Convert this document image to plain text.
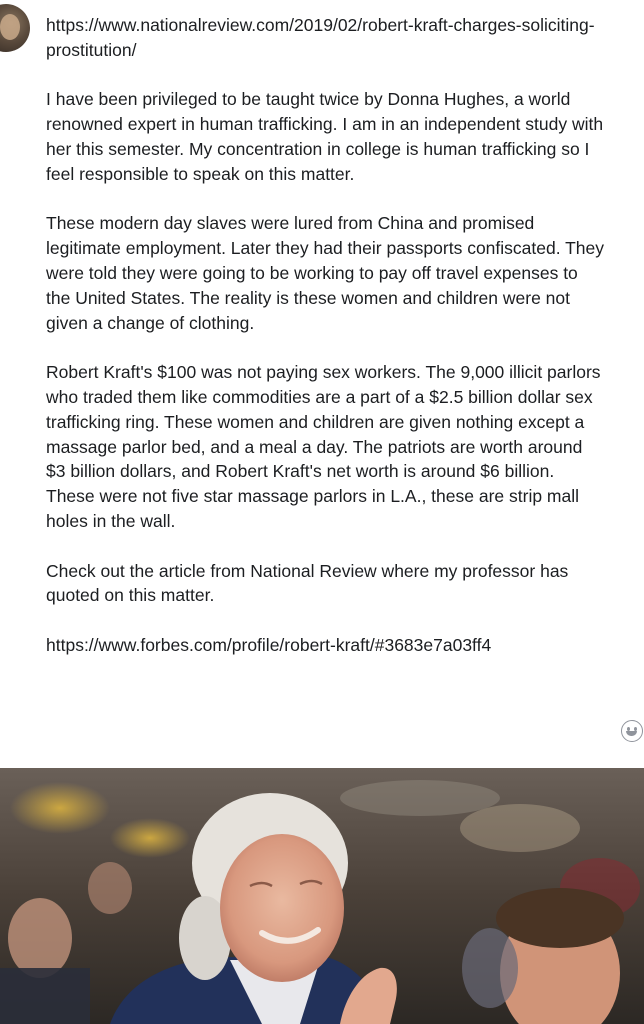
https://www.nationalreview.com/2019/02/robert-kraft-charges-soliciting-prostitution/

I have been privileged to be taught twice by Donna Hughes, a world renowned expert in human trafficking. I am in an independent study with her this semester. My concentration in college is human trafficking so I feel responsible to speak on this matter.

These modern day slaves were lured from China and promised legitimate employment. Later they had their passports confiscated. They were told they were going to be working to pay off travel expenses to the United States. The reality is these women and children were not given a change of clothing.

Robert Kraft's $100 was not paying sex workers. The 9,000 illicit parlors who traded them like commodities are a part of a $2.5 billion dollar sex trafficking ring. These women and children are given nothing except a massage parlor bed, and a meal a day. The patriots are worth around $3 billion dollars, and Robert Kraft's net worth is around $6 billion. These were not five star massage parlors in L.A., these are strip mall holes in the wall.

Check out the article from National Review where my professor has quoted on this matter.

https://www.forbes.com/profile/robert-kraft/#3683e7a03ff4
